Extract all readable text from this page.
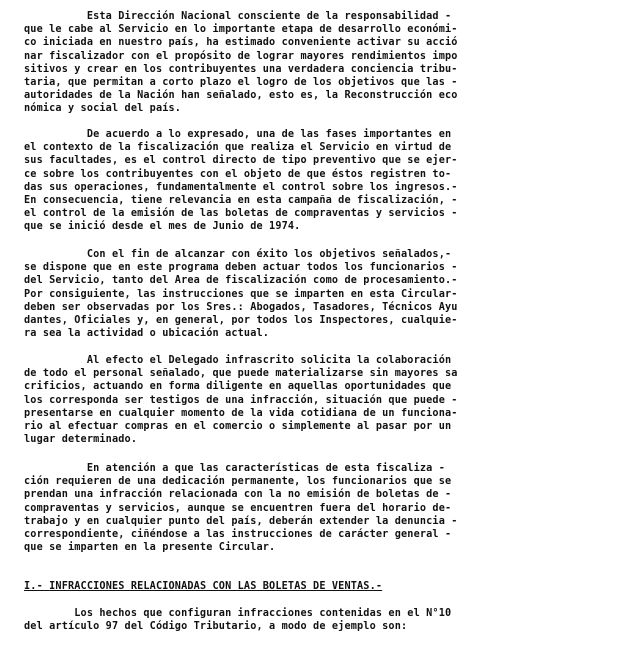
Esta Dirección Nacional consciente de la responsabilidad -
que le cabe al Servicio en lo importante etapa de desarrollo económi-
co iniciada en nuestro país, ha estimado conveniente activar su acció
nar fiscalizador con el propósito de lograr mayores rendimientos impo
sitivos y crear en los contribuyentes una verdadera conciencia tribu-
taria, que permitan a corto plazo el logro de los objetivos que las -
autoridades de la Nación han señalado, esto es, la Reconstrucción eco
nómica y social del país.
De acuerdo a lo expresado, una de las fases importantes en
el contexto de la fiscalización que realiza el Servicio en virtud de
sus facultades, es el control directo de tipo preventivo que se ejer-
ce sobre los contribuyentes con el objeto de que éstos registren to-
das sus operaciones, fundamentalmente el control sobre los ingresos.-
En consecuencia, tiene relevancia en esta campaña de fiscalización, -
el control de la emisión de las boletas de compraventas y servicios -
que se inició desde el mes de Junio de 1974.
Con el fin de alcanzar con éxito los objetivos señalados,-
se dispone que en este programa deben actuar todos los funcionarios -
del Servicio, tanto del Area de fiscalización como de procesamiento.-
Por consiguiente, las instrucciones que se imparten en esta Circular-
deben ser observadas por los Sres.: Abogados, Tasadores, Técnicos Ayu
dantes, Oficiales y, en general, por todos los Inspectores, cualquie-
ra sea la actividad o ubicación actual.
Al efecto el Delegado infrascrito solicita la colaboración
de todo el personal señalado, que puede materializarse sin mayores sa
crificios, actuando en forma diligente en aquellas oportunidades que
los corresponda ser testigos de una infracción, situación que puede -
presentarse en cualquier momento de la vida cotidiana de un funciona-
rio al efectuar compras en el comercio o simplemente al pasar por un
lugar determinado.
En atención a que las características de esta fiscaliza -
ción requieren de una dedicación permanente, los funcionarios que se
prendan una infracción relacionada con la no emisión de boletas de -
compraventas y servicios, aunque se encuentren fuera del horario de-
trabajo y en cualquier punto del país, deberán extender la denuncia -
correspondiente, ciñéndose a las instrucciones de carácter general -
que se imparten en la presente Circular.
I.- INFRACCIONES RELACIONADAS CON LAS BOLETAS DE VENTAS.-
Los hechos que configuran infracciones contenidas en el N°10
del artículo 97 del Código Tributario, a modo de ejemplo son:
